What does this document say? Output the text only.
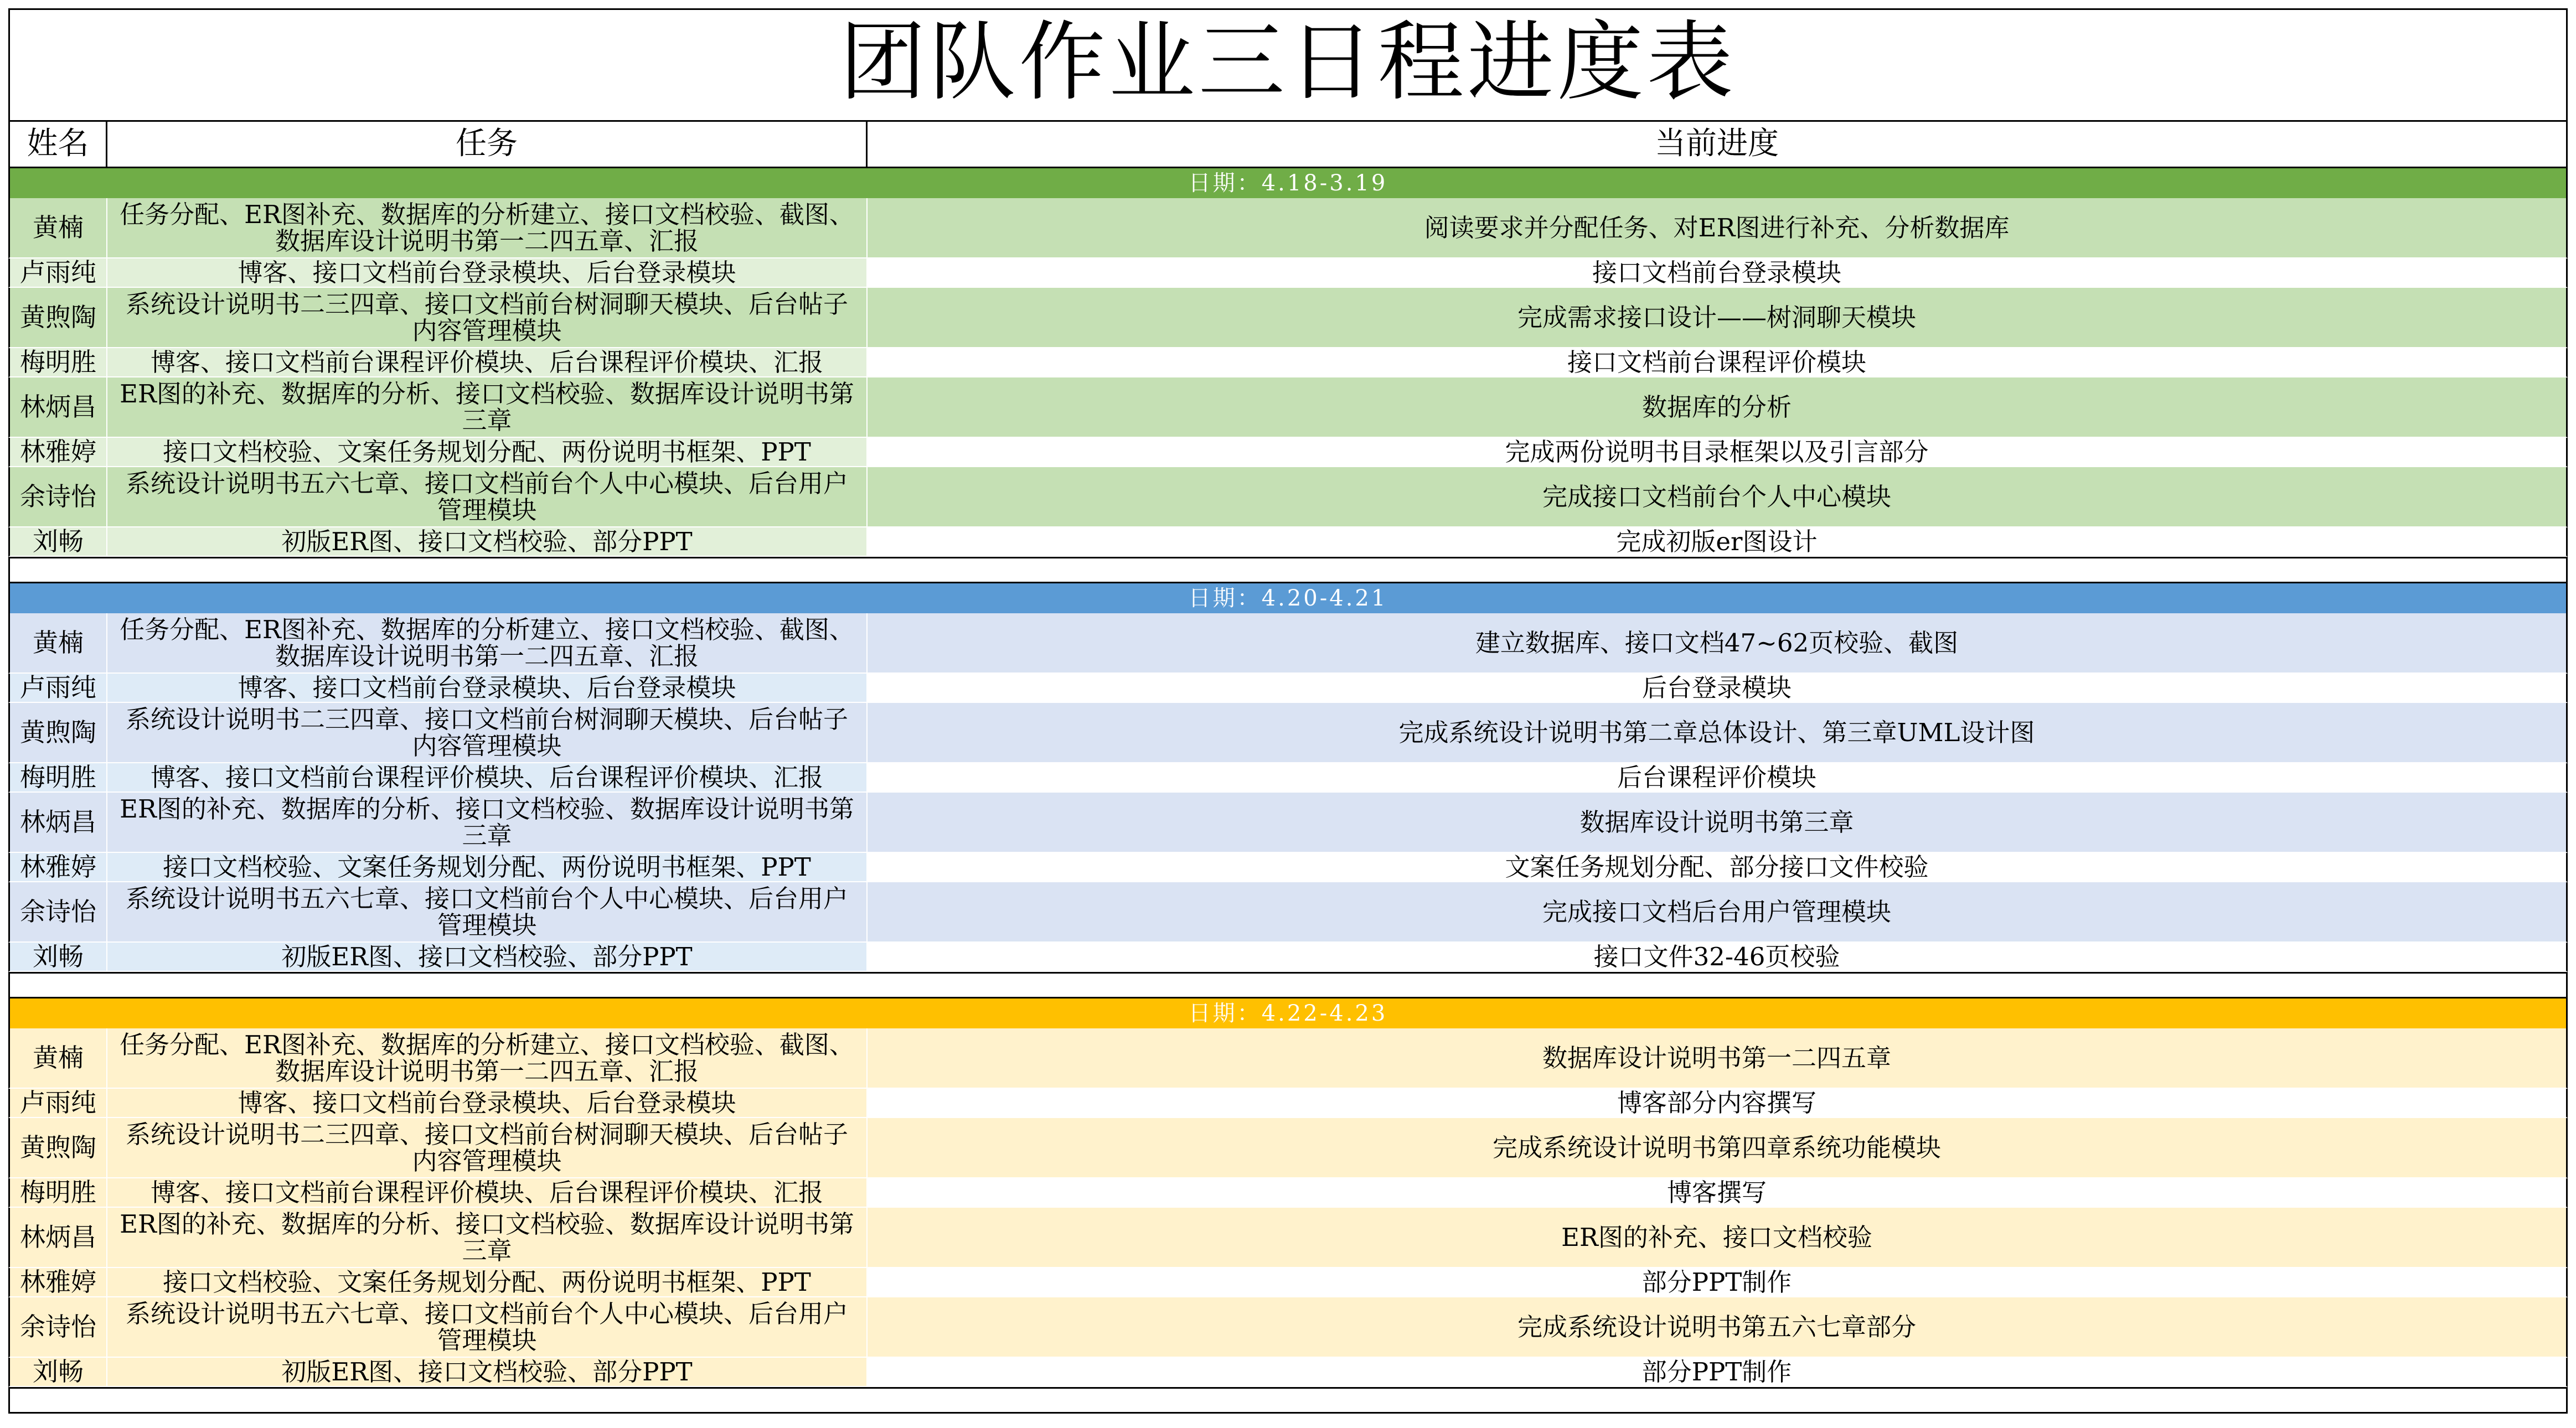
团队作业三日程进度表
姓名	任务	当前进度
日期：4.18-3.19
黄楠	任务分配、ER图补充、数据库的分析建立、接口文档校验、截图、数据库设计说明书第一二四五章、汇报	阅读要求并分配任务、对ER图进行补充、分析数据库
卢雨纯	博客、接口文档前台登录模块、后台登录模块	接口文档前台登录模块
黄煦陶	系统设计说明书二三四章、接口文档前台树洞聊天模块、后台帖子内容管理模块	完成需求接口设计——树洞聊天模块
梅明胜	博客、接口文档前台课程评价模块、后台课程评价模块、汇报	接口文档前台课程评价模块
林炳昌 ER图的补充、数据库的分析、接口文档校验、数据库设计说明书第三章	数据库的分析
林雅婷	接口文档校验、文案任务规划分配、两份说明书框架、PPT	完成两份说明书目录框架以及引言部分
余诗怡	系统设计说明书五六七章、接口文档前台个人中心模块、后台用户管理模块	完成接口文档前台个人中心模块
刘畅	初版ER图、接口文档校验、部分PPT	完成初版er图设计
日期：4.20-4.21
黄楠	任务分配、ER图补充、数据库的分析建立、接口文档校验、截图、数据库设计说明书第一二四五章、汇报	建立数据库、接口文档47~62页校验、截图
卢雨纯	博客、接口文档前台登录模块、后台登录模块	后台登录模块
黄煦陶	系统设计说明书二三四章、接口文档前台树洞聊天模块、后台帖子内容管理模块	完成系统设计说明书第二章总体设计、第三章UML设计图
梅明胜	博客、接口文档前台课程评价模块、后台课程评价模块、汇报	后台课程评价模块
林炳昌 ER图的补充、数据库的分析、接口文档校验、数据库设计说明书第三章	数据库设计说明书第三章
林雅婷	接口文档校验、文案任务规划分配、两份说明书框架、PPT	文案任务规划分配、部分接口文件校验
余诗怡	系统设计说明书五六七章、接口文档前台个人中心模块、后台用户管理模块	完成接口文档后台用户管理模块
刘畅	初版ER图、接口文档校验、部分PPT	接口文件32-46页校验
日期：4.22-4.23
黄楠	任务分配、ER图补充、数据库的分析建立、接口文档校验、截图、数据库设计说明书第一二四五章、汇报	数据库设计说明书第一二四五章
卢雨纯	博客、接口文档前台登录模块、后台登录模块	博客部分内容撰写
黄煦陶	系统设计说明书二三四章、接口文档前台树洞聊天模块、后台帖子内容管理模块	完成系统设计说明书第四章系统功能模块
梅明胜	博客、接口文档前台课程评价模块、后台课程评价模块、汇报	博客撰写
林炳昌 ER图的补充、数据库的分析、接口文档校验、数据库设计说明书第三章	ER图的补充、接口文档校验
林雅婷	接口文档校验、文案任务规划分配、两份说明书框架、PPT	部分PPT制作
余诗怡	系统设计说明书五六七章、接口文档前台个人中心模块、后台用户管理模块	完成系统设计说明书第五六七章部分
刘畅	初版ER图、接口文档校验、部分PPT	部分PPT制作
